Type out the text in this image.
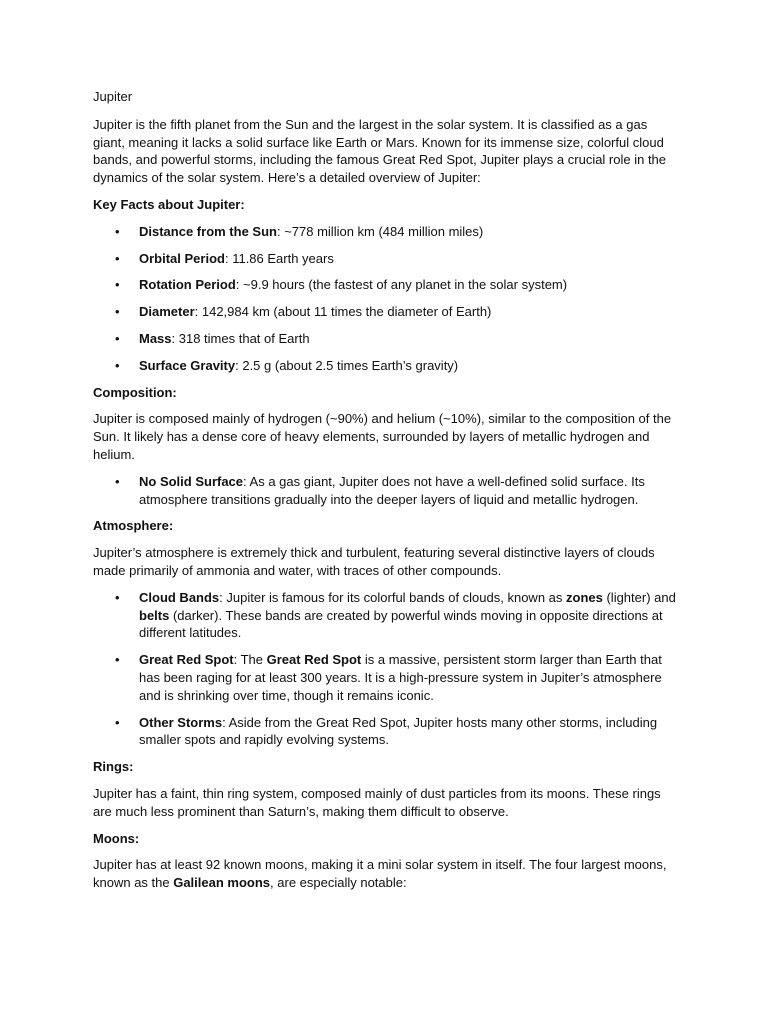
Jupiter

Jupiter is the fifth planet from the Sun and the largest in the solar system. It is classified as a gas giant, meaning it lacks a solid surface like Earth or Mars. Known for its immense size, colorful cloud bands, and powerful storms, including the famous Great Red Spot, Jupiter plays a crucial role in the dynamics of the solar system. Here’s a detailed overview of Jupiter:

Key Facts about Jupiter:

• Distance from the Sun: ~778 million km (484 million miles)
• Orbital Period: 11.86 Earth years
• Rotation Period: ~9.9 hours (the fastest of any planet in the solar system)
• Diameter: 142,984 km (about 11 times the diameter of Earth)
• Mass: 318 times that of Earth
• Surface Gravity: 2.5 g (about 2.5 times Earth’s gravity)

Composition:

Jupiter is composed mainly of hydrogen (~90%) and helium (~10%), similar to the composition of the Sun. It likely has a dense core of heavy elements, surrounded by layers of metallic hydrogen and helium.

• No Solid Surface: As a gas giant, Jupiter does not have a well-defined solid surface. Its atmosphere transitions gradually into the deeper layers of liquid and metallic hydrogen.

Atmosphere:

Jupiter’s atmosphere is extremely thick and turbulent, featuring several distinctive layers of clouds made primarily of ammonia and water, with traces of other compounds.

• Cloud Bands: Jupiter is famous for its colorful bands of clouds, known as zones (lighter) and belts (darker). These bands are created by powerful winds moving in opposite directions at different latitudes.
• Great Red Spot: The Great Red Spot is a massive, persistent storm larger than Earth that has been raging for at least 300 years. It is a high-pressure system in Jupiter’s atmosphere and is shrinking over time, though it remains iconic.
• Other Storms: Aside from the Great Red Spot, Jupiter hosts many other storms, including smaller spots and rapidly evolving systems.

Rings:

Jupiter has a faint, thin ring system, composed mainly of dust particles from its moons. These rings are much less prominent than Saturn’s, making them difficult to observe.

Moons:

Jupiter has at least 92 known moons, making it a mini solar system in itself. The four largest moons, known as the Galilean moons, are especially notable:
